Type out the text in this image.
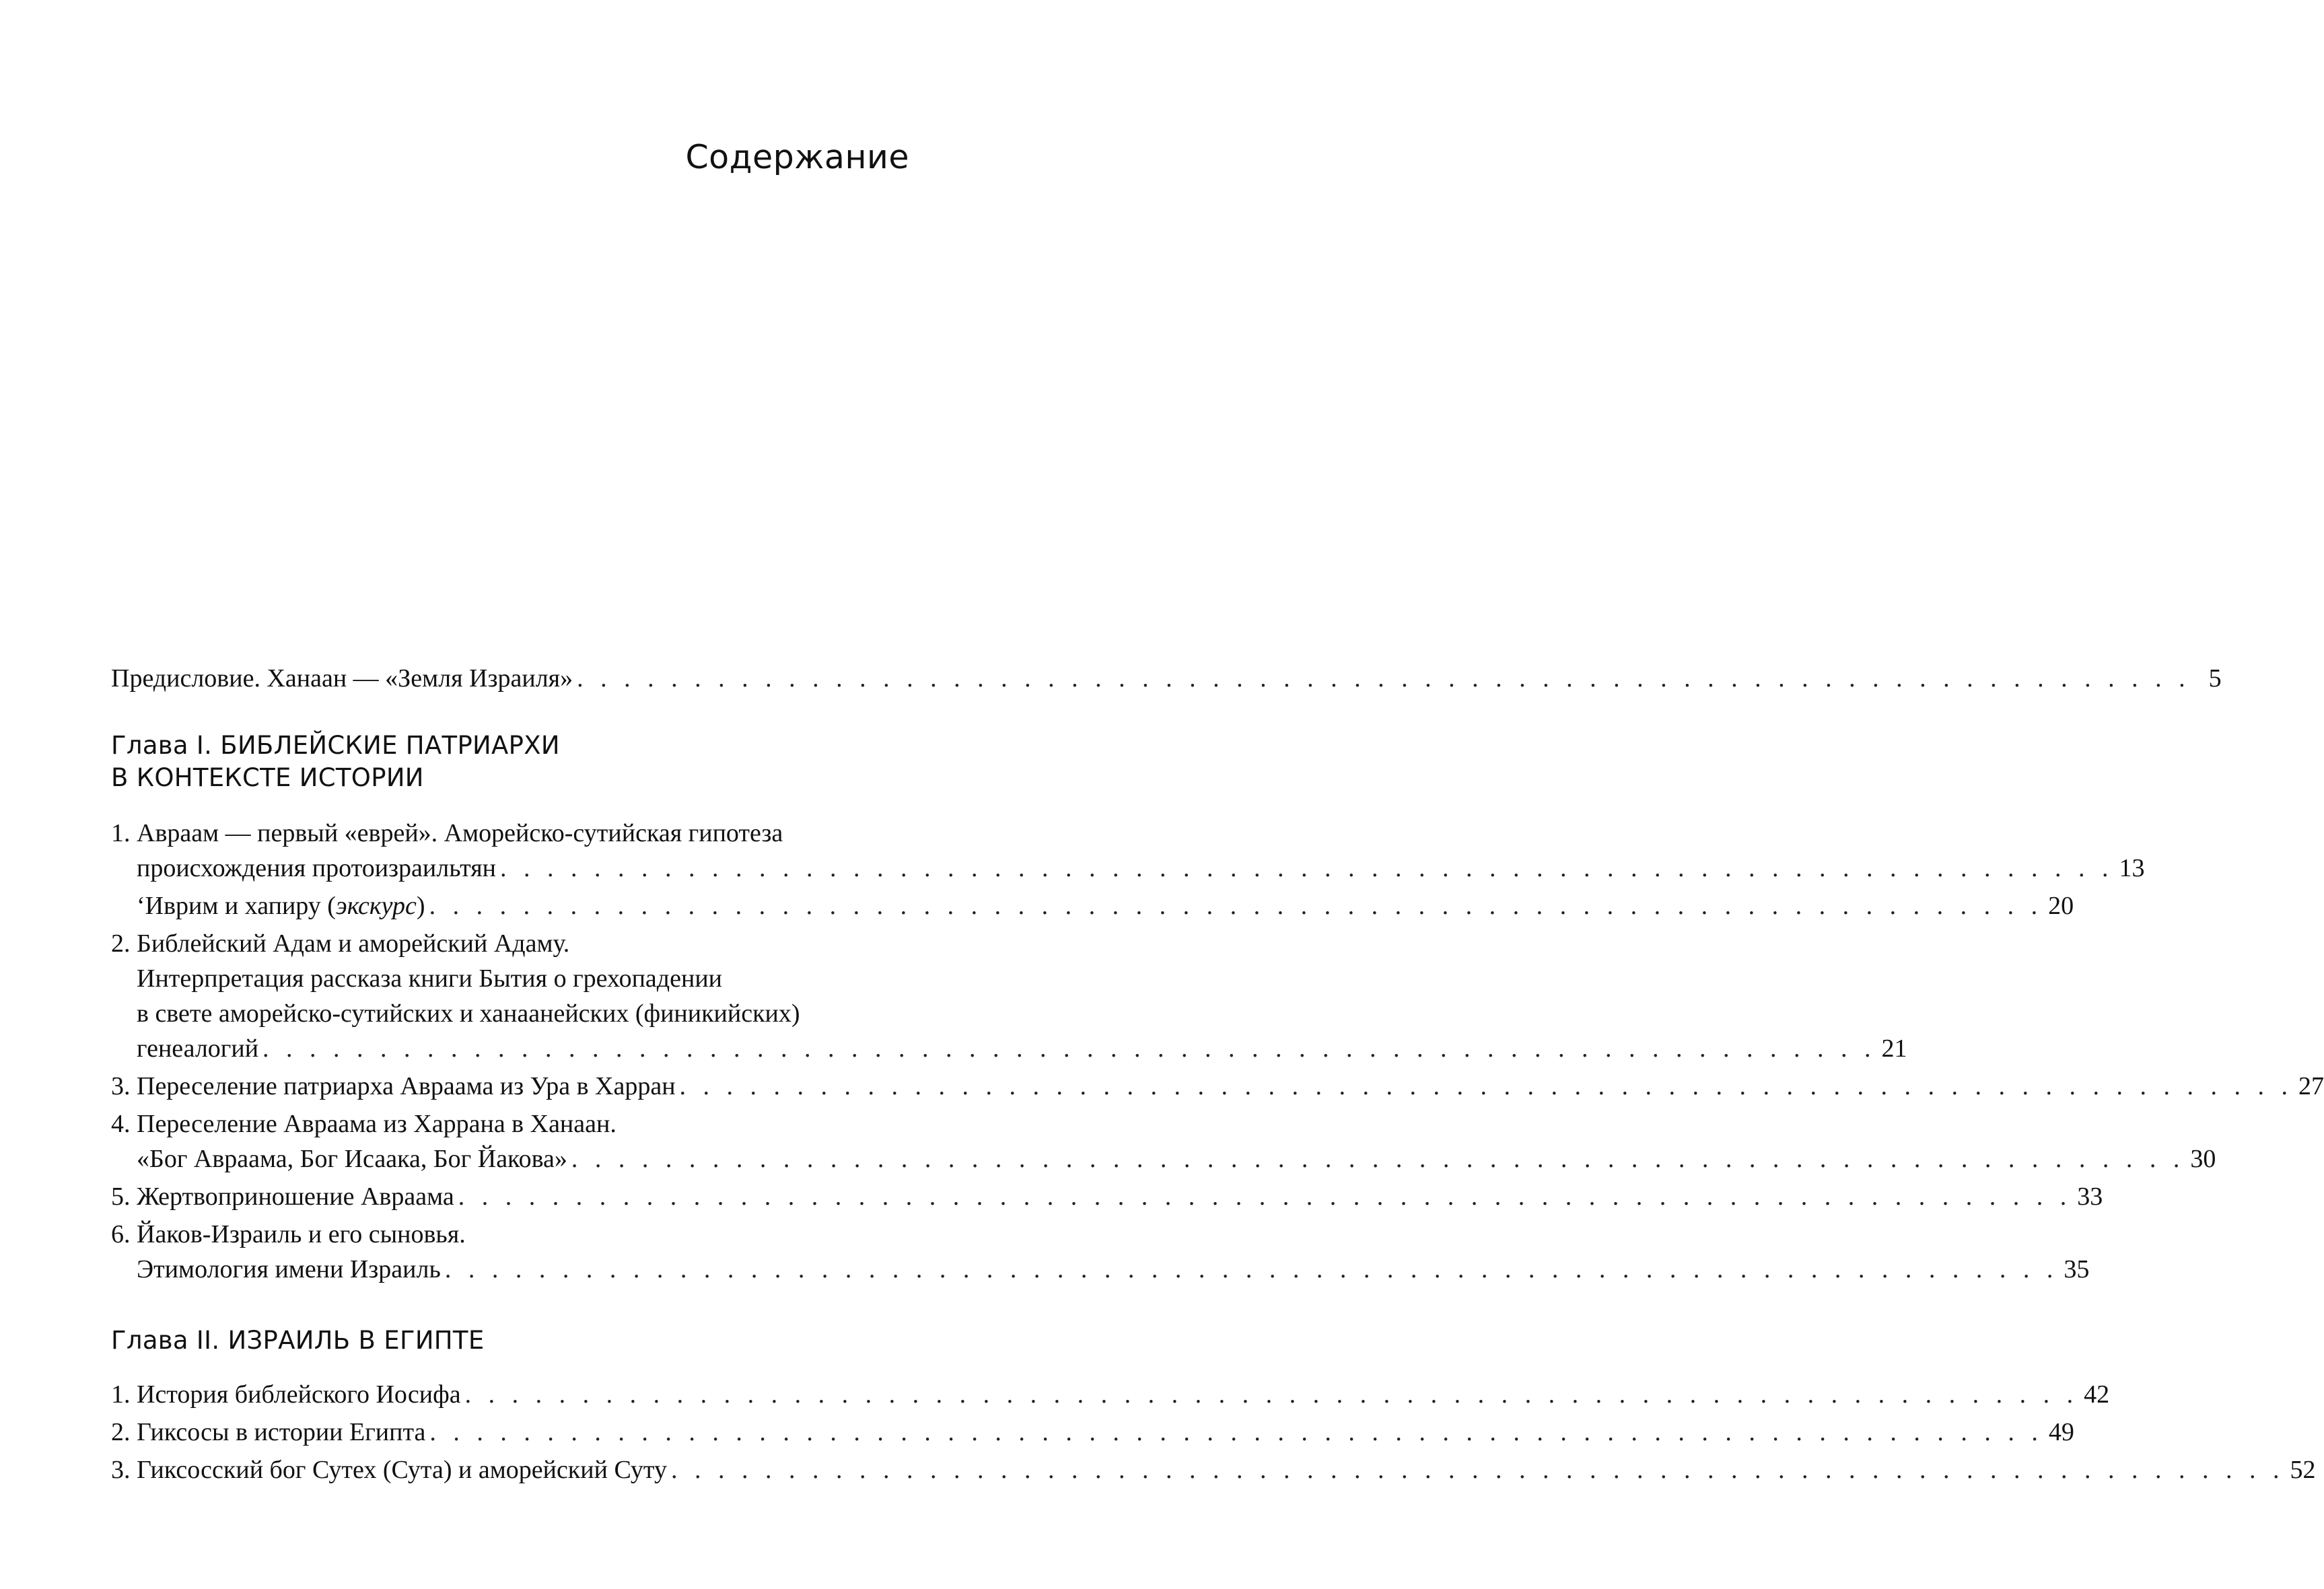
Содержание
Предисловие. Ханаан — «Земля Израиля» . . . . . . . . . . . . . . . . . . . . . . . . . . . . . . . . . . . . . . . . . . . . . . . . . . . . . . . . . . . . . . . . . . . . . 5
Глава I. БИБЛЕЙСКИЕ ПАТРИАРХИ
В КОНТЕКСТЕ ИСТОРИИ
1. Авраам — первый «еврей». Аморейско-сутийская гипотеза
происхождения протоизраильтян . . . . . . . . . . . . . . . . . . . . . . . . . . . . . . . . . . . . . . . . . . . . . . . . . . . . . . . . . . . . . . . . . . . . . 13
‘Иврим и хапиру (экскурс) . . . . . . . . . . . . . . . . . . . . . . . . . . . . . . . . . . . . . . . . . . . . . . . . . . . . . . . . . . . . . . . . . . . . . 20
2. Библейский Адам и аморейский Адаму.
Интерпретация рассказа книги Бытия о грехопадении
в свете аморейско-сутийских и ханаанейских (финикийских)
генеалогий . . . . . . . . . . . . . . . . . . . . . . . . . . . . . . . . . . . . . . . . . . . . . . . . . . . . . . . . . . . . . . . . . . . . . 21
3. Переселение патриарха Авраама из Ура в Харран . . . . . . . . . . . . . . . . . . . . . . . . . . . . . . . . . . . . . . . . . . . . . . . . . . . . . . . . . . . . . . . . . . . . . 27
4. Переселение Авраама из Харрана в Ханаан.
«Бог Авраама, Бог Исаака, Бог Йакова» . . . . . . . . . . . . . . . . . . . . . . . . . . . . . . . . . . . . . . . . . . . . . . . . . . . . . . . . . . . . . . . . . . . . . 30
5. Жертвоприношение Авраама . . . . . . . . . . . . . . . . . . . . . . . . . . . . . . . . . . . . . . . . . . . . . . . . . . . . . . . . . . . . . . . . . . . . . 33
6. Йаков-Израиль и его сыновья.
Этимология имени Израиль . . . . . . . . . . . . . . . . . . . . . . . . . . . . . . . . . . . . . . . . . . . . . . . . . . . . . . . . . . . . . . . . . . . . . 35
Глава II. ИЗРАИЛЬ В ЕГИПТЕ
1. История библейского Иосифа . . . . . . . . . . . . . . . . . . . . . . . . . . . . . . . . . . . . . . . . . . . . . . . . . . . . . . . . . . . . . . . . . . . . . 42
2. Гиксосы в истории Египта . . . . . . . . . . . . . . . . . . . . . . . . . . . . . . . . . . . . . . . . . . . . . . . . . . . . . . . . . . . . . . . . . . . . . 49
3. Гиксосский бог Сутех (Сута) и аморейский Суту . . . . . . . . . . . . . . . . . . . . . . . . . . . . . . . . . . . . . . . . . . . . . . . . . . . . . . . . . . . . . . . . . . . . . 52
